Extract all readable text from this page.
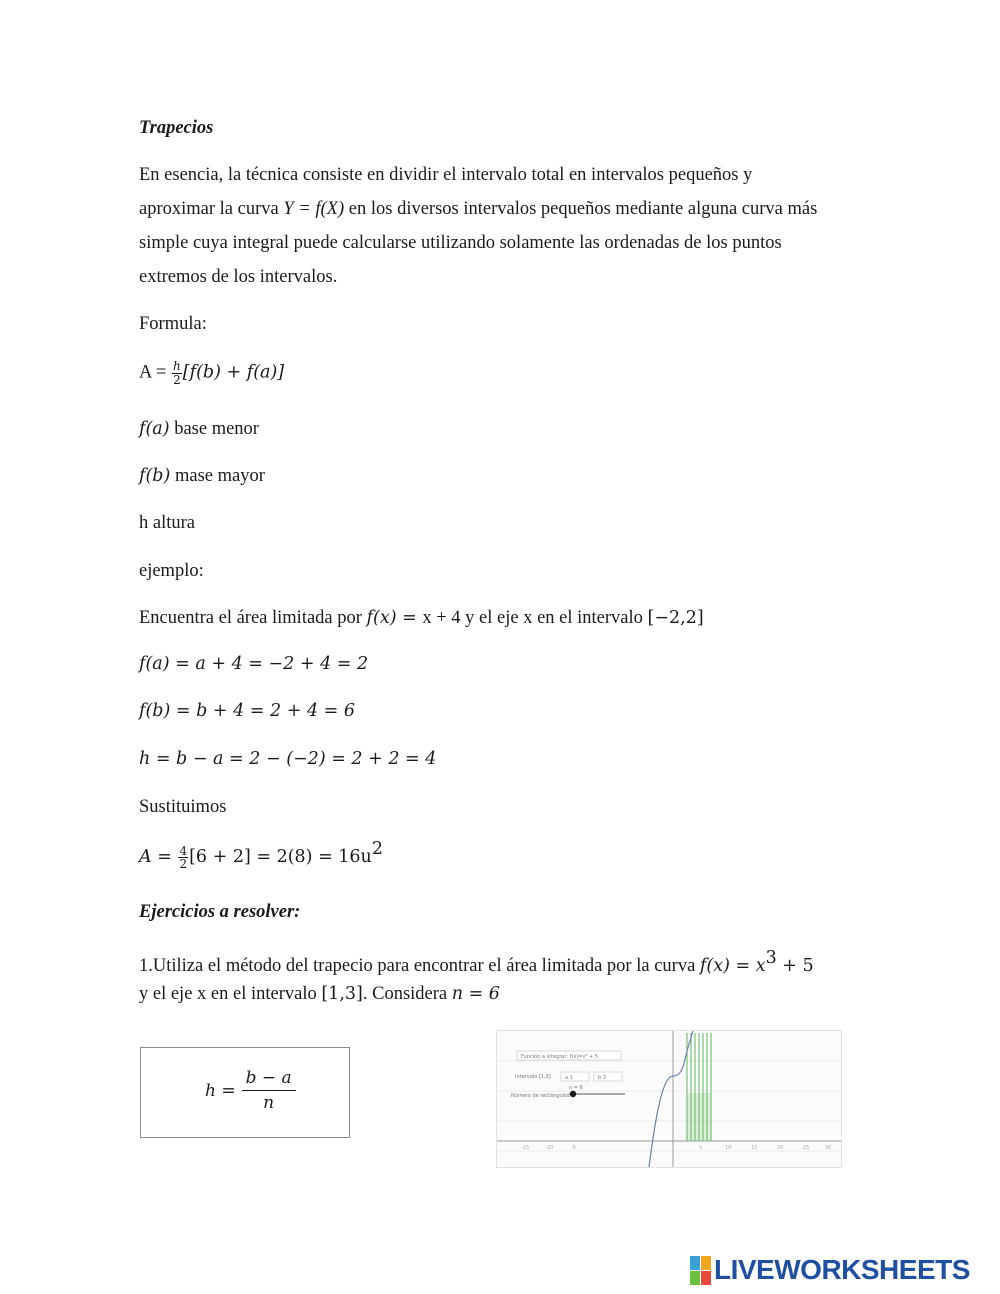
Trapecios
En esencia, la técnica consiste en dividir el intervalo total en intervalos pequeños y
aproximar la curva Y = f(X) en los diversos intervalos pequeños mediante alguna curva más
simple cuya integral puede calcularse utilizando solamente las ordenadas de los puntos
extremos de los intervalos.
Formula:
$A = \frac{h}{2} [f(b) + f(a)]$
f(a) base menor
f(b) mase mayor
h altura
ejemplo:
Encuentra el área limitada por f(x) = x + 4 y el eje x en el intervalo [−2,2]
f(a) = a + 4 = −2 + 4 = 2
f(b) = b + 4 = 2 + 4 = 6
h = b − a = 2 − (−2) = 2 + 2 = 4
Sustituimos
$A = \frac{4}{2} [6 + 2] = 2(8) = 16u^2$
Ejercicios a resolver:
1.Utiliza el método del trapecio para encontrar el área limitada por la curva $f(x) = x^3 + 5$
y el eje x en el intervalo [1,3]. Considera n = 6
$h = \frac{b - a}{n}$
-15	-10	-5	5	10	15	20	25	30
Función a integrar: f(x)=x³ + 5
Intervalo [1,3]	a 1	b 3
Número de rectángulos
n = 6
LIVEWORKSHEETS
